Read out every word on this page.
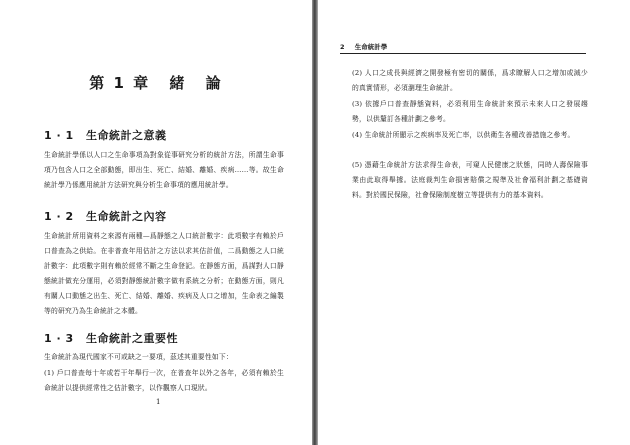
第 1 章 緒 論
1 · 1 生命統計之意義

生命統計學係以人口之生命事項為對象從事研究分析的統計方法，所謂生命事項乃包含人口之全部動態，即出生、死亡、結婚、離婚、疾病……等。故生命統計學乃係應用統計方法研究與分析生命事項的應用統計學。

1 · 2 生命統計之內容

生命統計所用資料之來源有兩種—爲靜態之人口統計數字：此項數字有賴於戶口普查為之供給。在非普查年用估計之方法以求其估計值，二爲動態之人口統計數字：此項數字則有賴於經常不斷之生命登記。在靜態方面，爲謀對人口靜態統計做充分運用，必須對靜態統計數字做有系統之分析；在動態方面，則凡有關人口動態之出生、死亡、結婚、離婚、疾病及人口之增加，生命表之編製等的研究乃為生命統計之本體。

1 · 3 生命統計之重要性

生命統計為現代國家不可或缺之一要項，茲述其重要性如下：

(1) 戶口普查每十年或若干年舉行一次，在普查年以外之各年，必須有賴於生命統計以提供經常性之估計數字，以作觀察人口現狀。

1
2 生命統計學

(2) 人口之成長與經濟之開發極有密切的關係，爲求瞭解人口之增加或減少的真實情形，必須瀏理生命統計。

(3) 依據戶口普查靜態資料，必須利用生命統計來預示未來人口之發展趨勢，以供釐訂各種計劃之參考。

(4) 生命統計所顯示之疾病率及死亡率，以供衛生各種改善措施之參考。

(5) 憑藉生命統計方法求得生命表，可窺人民健康之狀態，同時人壽保險事業由此取得舉據。法庭裁判生命損害賠償之規準及社會福利計劃之基礎資料。對於國民保險，社會保險制度樹立等提供有力的基本資料。
